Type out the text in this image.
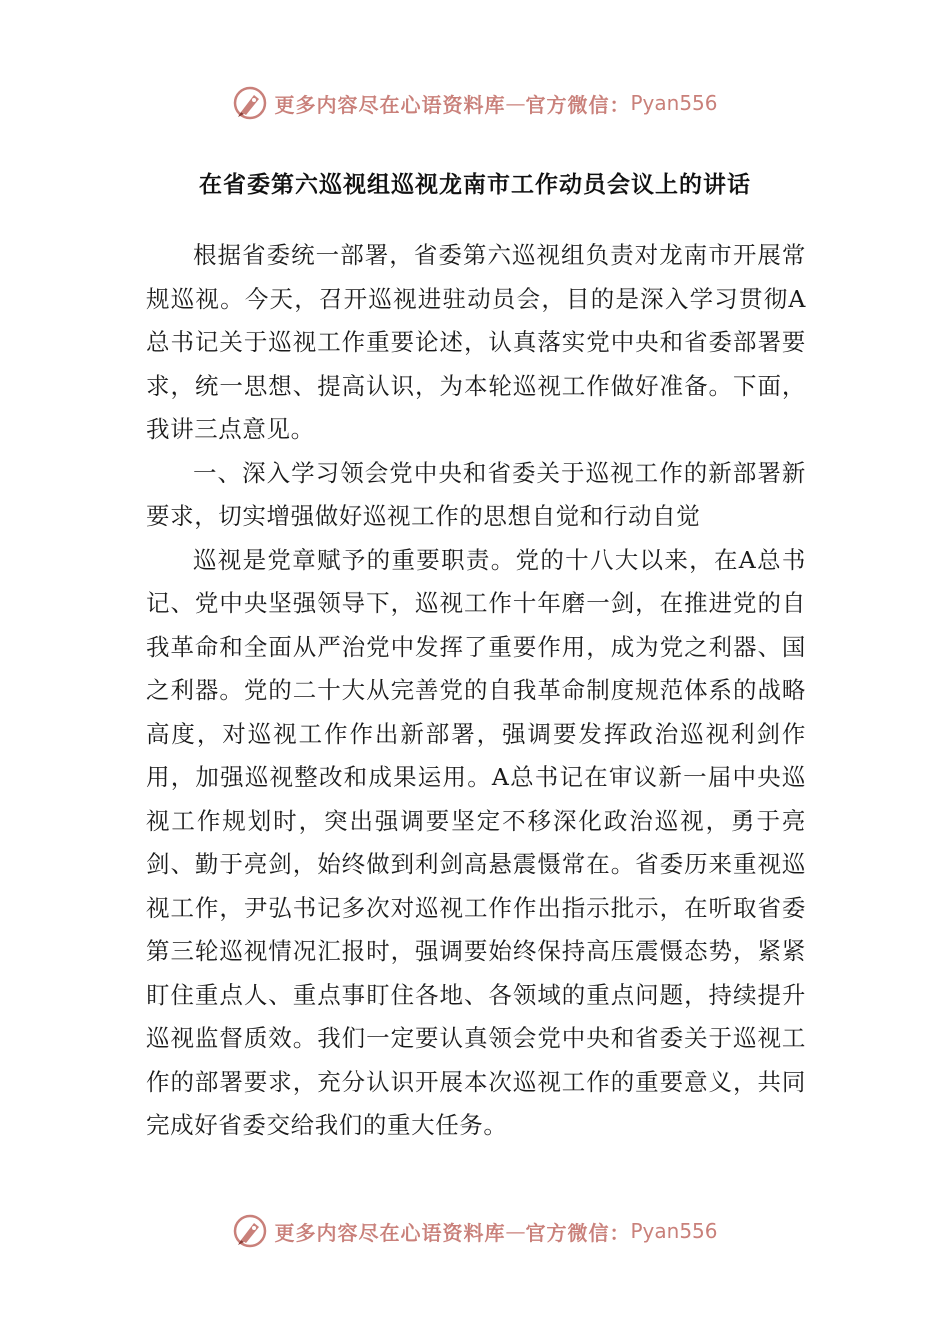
更多内容尽在心语资料库 — 官方微信： Pyan556
在省委第六巡视组巡视龙南市工作动员会议上的讲话

根据省委统一部署，省委第六巡视组负责对龙南市开展常规巡视。今天，召开巡视进驻动员会，目的是深入学习贯彻A总书记关于巡视工作重要论述，认真落实党中央和省委部署要求，统一思想、提高认识，为本轮巡视工作做好准备。下面，我讲三点意见。

一、深入学习领会党中央和省委关于巡视工作的新部署新要求，切实增强做好巡视工作的思想自觉和行动自觉

巡视是党章赋予的重要职责。党的十八大以来，在A总书记、党中央坚强领导下，巡视工作十年磨一剑，在推进党的自我革命和全面从严治党中发挥了重要作用，成为党之利器、国之利器。党的二十大从完善党的自我革命制度规范体系的战略高度，对巡视工作作出新部署，强调要发挥政治巡视利剑作用，加强巡视整改和成果运用。A总书记在审议新一届中央巡视工作规划时，突出强调要坚定不移深化政治巡视，勇于亮剑、勤于亮剑，始终做到利剑高悬震慑常在。省委历来重视巡视工作，尹弘书记多次对巡视工作作出指示批示，在听取省委第三轮巡视情况汇报时，强调要始终保持高压震慑态势，紧紧盯住重点人、重点事盯住各地、各领域的重点问题，持续提升巡视监督质效。我们一定要认真领会党中央和省委关于巡视工作的部署要求，充分认识开展本次巡视工作的重要意义，共同完成好省委交给我们的重大任务。

更多内容尽在心语资料库 — 官方微信： Pyan556
